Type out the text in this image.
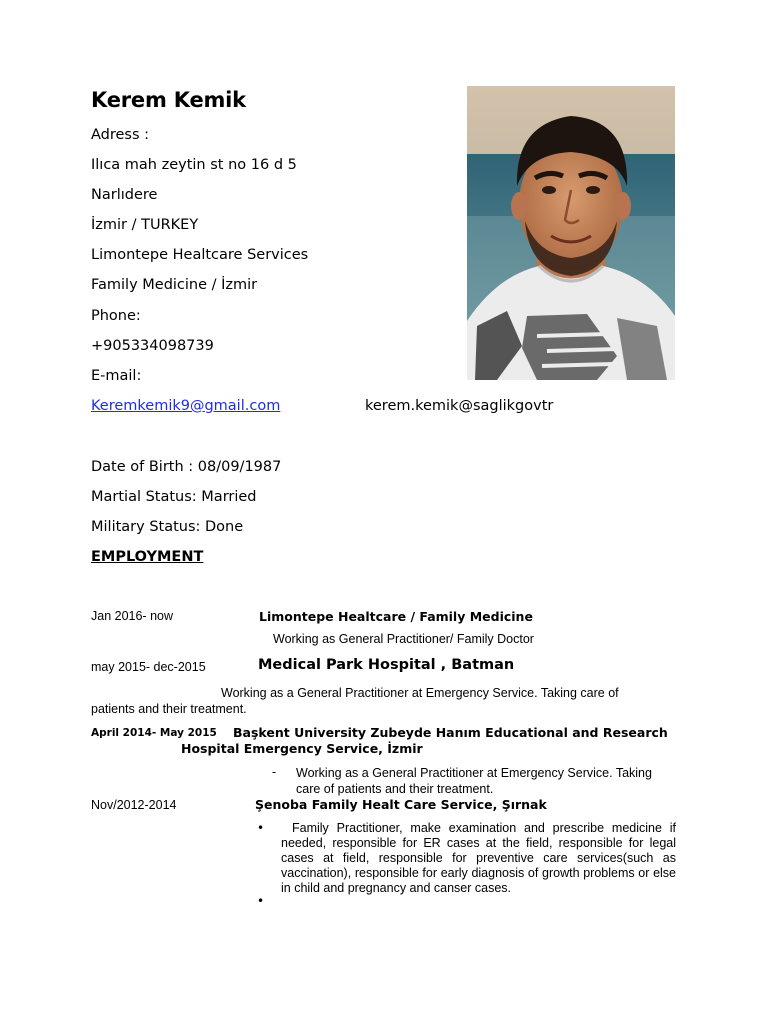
Kerem Kemik
Adress :
Ilıca mah zeytin st no 16 d 5
Narlıdere
İzmir / TURKEY
Limontepe Healtcare Services
Family Medicine / İzmir
Phone:
+905334098739
E-mail:
Keremkemik9@gmail.com	kerem.kemik@saglikgovtr
Date of Birth : 08/09/1987
Martial Status: Married
Military Status: Done
EMPLOYMENT
Jan 2016- now	Limontepe Healtcare / Family Medicine
Working as General Practitioner/ Family Doctor
may 2015- dec-2015	Medical Park Hospital , Batman
Working as a General Practitioner at Emergency Service. Taking care of
patients and their treatment.
April 2014- May 2015 Başkent University Zubeyde Hanım Educational and Research
Hospital Emergency Service, İzmir
- Working as a General Practitioner at Emergency Service. Taking
care of patients and their treatment.
Nov/2012-2014	Şenoba Family Healt Care Service, Şırnak
•	Family Practitioner, make examination and prescribe medicine if needed, responsible for ER cases at the field, responsible for legal cases at field, responsible for preventive care services(such as vaccination), responsible for early diagnosis of growth problems or else in child and pregnancy and canser cases.
•
